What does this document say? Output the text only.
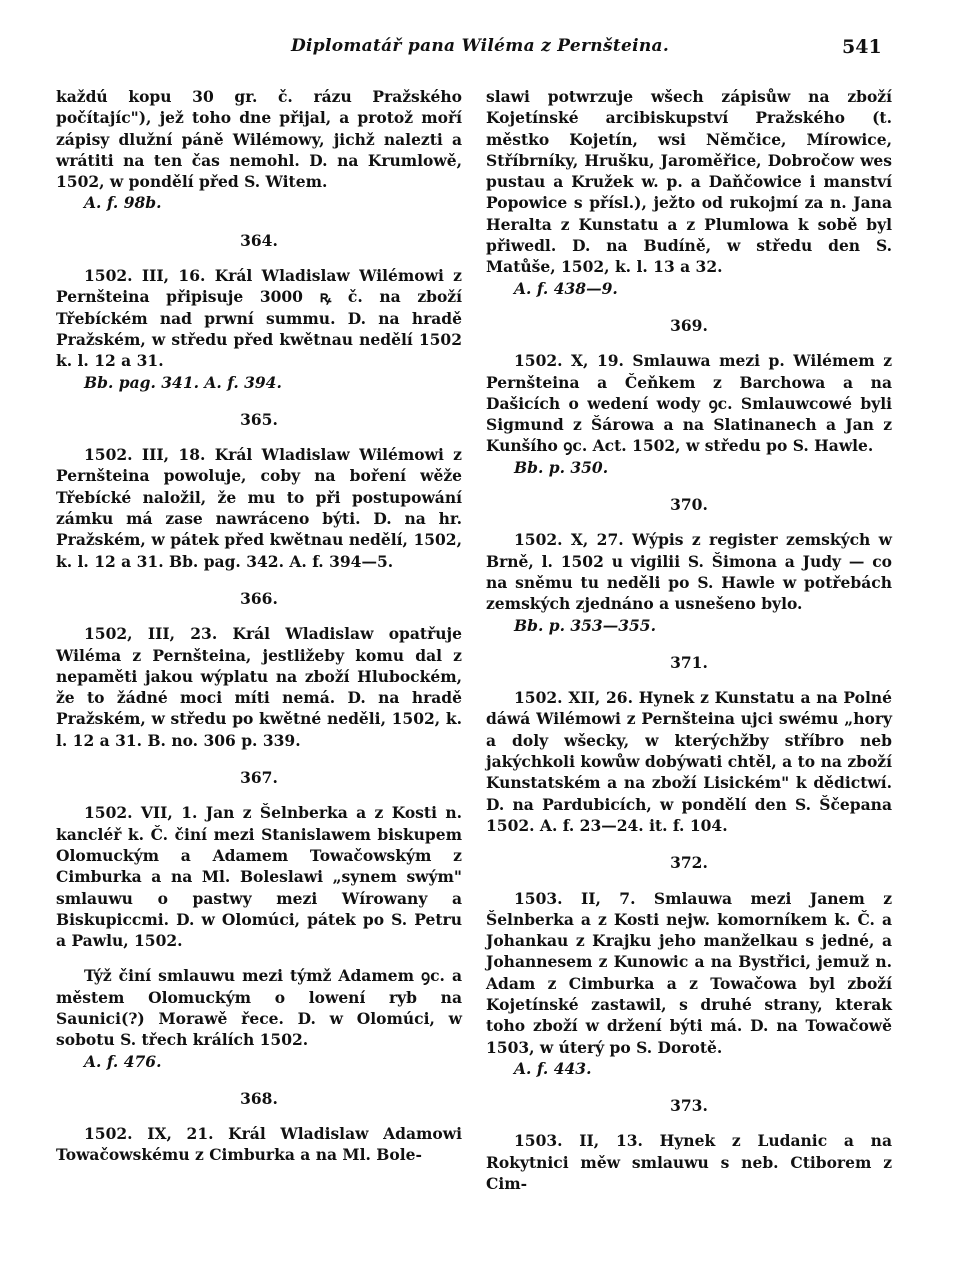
Diplomatář pana Wiléma z Pernšteina.	541

každú kopu 30 gr. č. rázu Pražského počítajíc"), jež toho dne přijal, a protož moří zápisy dlužní páně Wilémowy, jichž nalezti a wrátiti na ten čas nemohl. D. na Krumlowě, 1502, w pondělí před S. Witem.

A. f. 98b.

364.

1502. III, 16. Král Wladislaw Wilémowi z Pernšteina připisuje 3000 ꝶ č. na zboží Třebíckém nad prwní summu. D. na hradě Pražském, w středu před kwětnau nedělí 1502 k. l. 12 a 31.

Bb. pag. 341. A. f. 394.

365.

1502. III, 18. Král Wladislaw Wilémowi z Pernšteina powoluje, coby na boření wěže Třebícké naložil, že mu to při postupowání zámku má zase nawráceno býti. D. na hr. Pražském, w pátek před kwětnau nedělí, 1502, k. l. 12 a 31. Bb. pag. 342. A. f. 394—5.

366.

1502, III, 23. Král Wladislaw opatřuje Wiléma z Pernšteina, jestližeby komu dal z nepaměti jakou wýplatu na zboží Hlubockém, že to žádné moci míti nemá. D. na hradě Pražském, w středu po kwětné neděli, 1502, k. l. 12 a 31. B. no. 306 p. 339.

367.

1502. VII, 1. Jan z Šelnberka a z Kosti n. kancléř k. Č. činí mezi Stanislawem biskupem Olomuckým a Adamem Towačowským z Cimburka a na Ml. Boleslawi „synem swým" smlauwu o pastwy mezi Wírowany a Biskupiccmi. D. w Olomúci, pátek po S. Petru a Pawlu, 1502.

Týž činí smlauwu mezi týmž Adamem ꝯc. a městem Olomuckým o lowení ryb na Saunici(?) Morawě řece. D. w Olomúci, w sobotu S. třech králích 1502.

A. f. 476.

368.

1502. IX, 21. Král Wladislaw Adamowi Towačowskému z Cimburka a na Ml. Bole-

slawi potwrzuje wšech zápisůw na zboží Kojetínské arcibiskupství Pražského (t. městko Kojetín, wsi Němčice, Mírowice, Stříbrníky, Hrušku, Jaroměřice, Dobročow wes pustau a Kružek w. p. a Daňčowice i manství Popowice s přísl.), ježto od rukojmí za n. Jana Heralta z Kunstatu a z Plumlowa k sobě byl přiwedl. D. na Budíně, w středu den S. Matůše, 1502, k. l. 13 a 32.

A. f. 438—9.

369.

1502. X, 19. Smlauwa mezi p. Wilémem z Pernšteina a Čeňkem z Barchowa a na Dašicích o wedení wody ꝯc. Smlauwcowé byli Sigmund z Šárowa a na Slatinanech a Jan z Kunšího ꝯc. Act. 1502, w středu po S. Hawle.

Bb. p. 350.

370.

1502. X, 27. Wýpis z register zemských w Brně, l. 1502 u vigilii S. Šimona a Judy — co na sněmu tu neděli po S. Hawle w potřebách zemských zjednáno a usnešeno bylo.

Bb. p. 353—355.

371.

1502. XII, 26. Hynek z Kunstatu a na Polné dáwá Wilémowi z Pernšteina ujci swému „hory a doly wšecky, w kterýchžby stříbro neb jakýchkoli kowůw dobýwati chtěl, a to na zboží Kunstatském a na zboží Lisickém" k dědictwí. D. na Pardubicích, w pondělí den S. Ščepana 1502. A. f. 23—24. it. f. 104.

372.

1503. II, 7. Smlauwa mezi Janem z Šelnberka a z Kosti nejw. komorníkem k. Č. a Johankau z Krajku jeho manželkau s jedné, a Johannesem z Kunowic a na Bystřici, jemuž n. Adam z Cimburka a z Towačowa byl zboží Kojetínské zastawil, s druhé strany, kterak toho zboží w držení býti má. D. na Towačowě 1503, w úterý po S. Dorotě.

A. f. 443.

373.

1503. II, 13. Hynek z Ludanic a na Rokytnici měw smlauwu s neb. Ctiborem z Cim-
